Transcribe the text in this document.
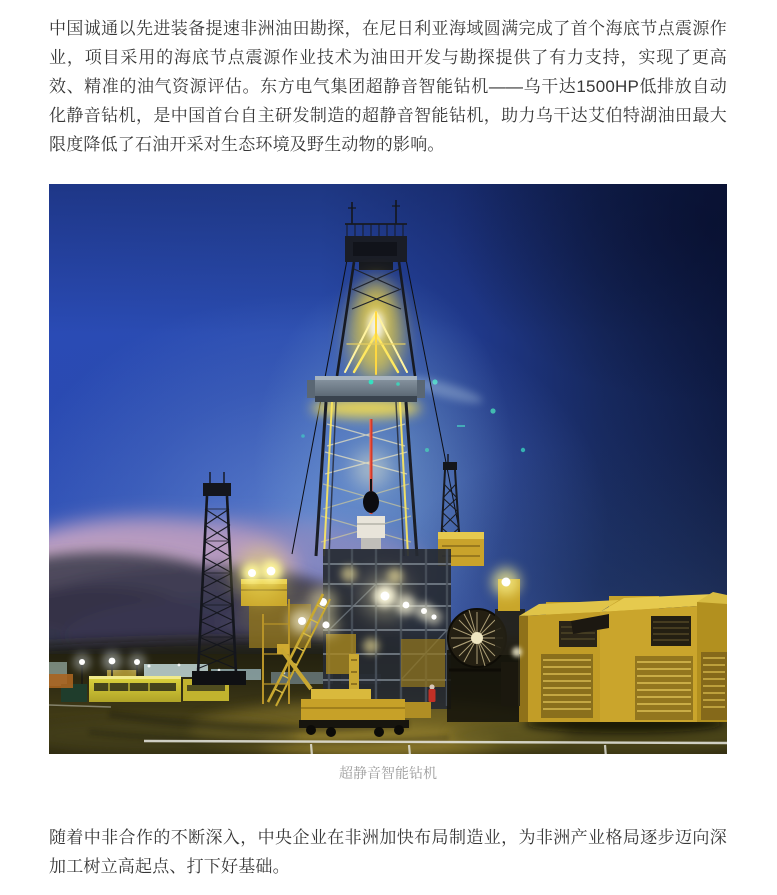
中国诚通以先进装备提速非洲油田勘探，在尼日利亚海域圆满完成了首个海底节点震源作业，项目采用的海底节点震源作业技术为油田开发与勘探提供了有力支持，实现了更高效、精准的油气资源评估。东方电气集团超静音智能钻机——乌干达1500HP低排放自动化静音钻机，是中国首台自主研发制造的超静音智能钻机，助力乌干达艾伯特湖油田最大限度降低了石油开采对生态环境及野生动物的影响。

超静音智能钻机

随着中非合作的不断深入，中央企业在非洲加快布局制造业，为非洲产业格局逐步迈向深加工树立高起点、打下好基础。
